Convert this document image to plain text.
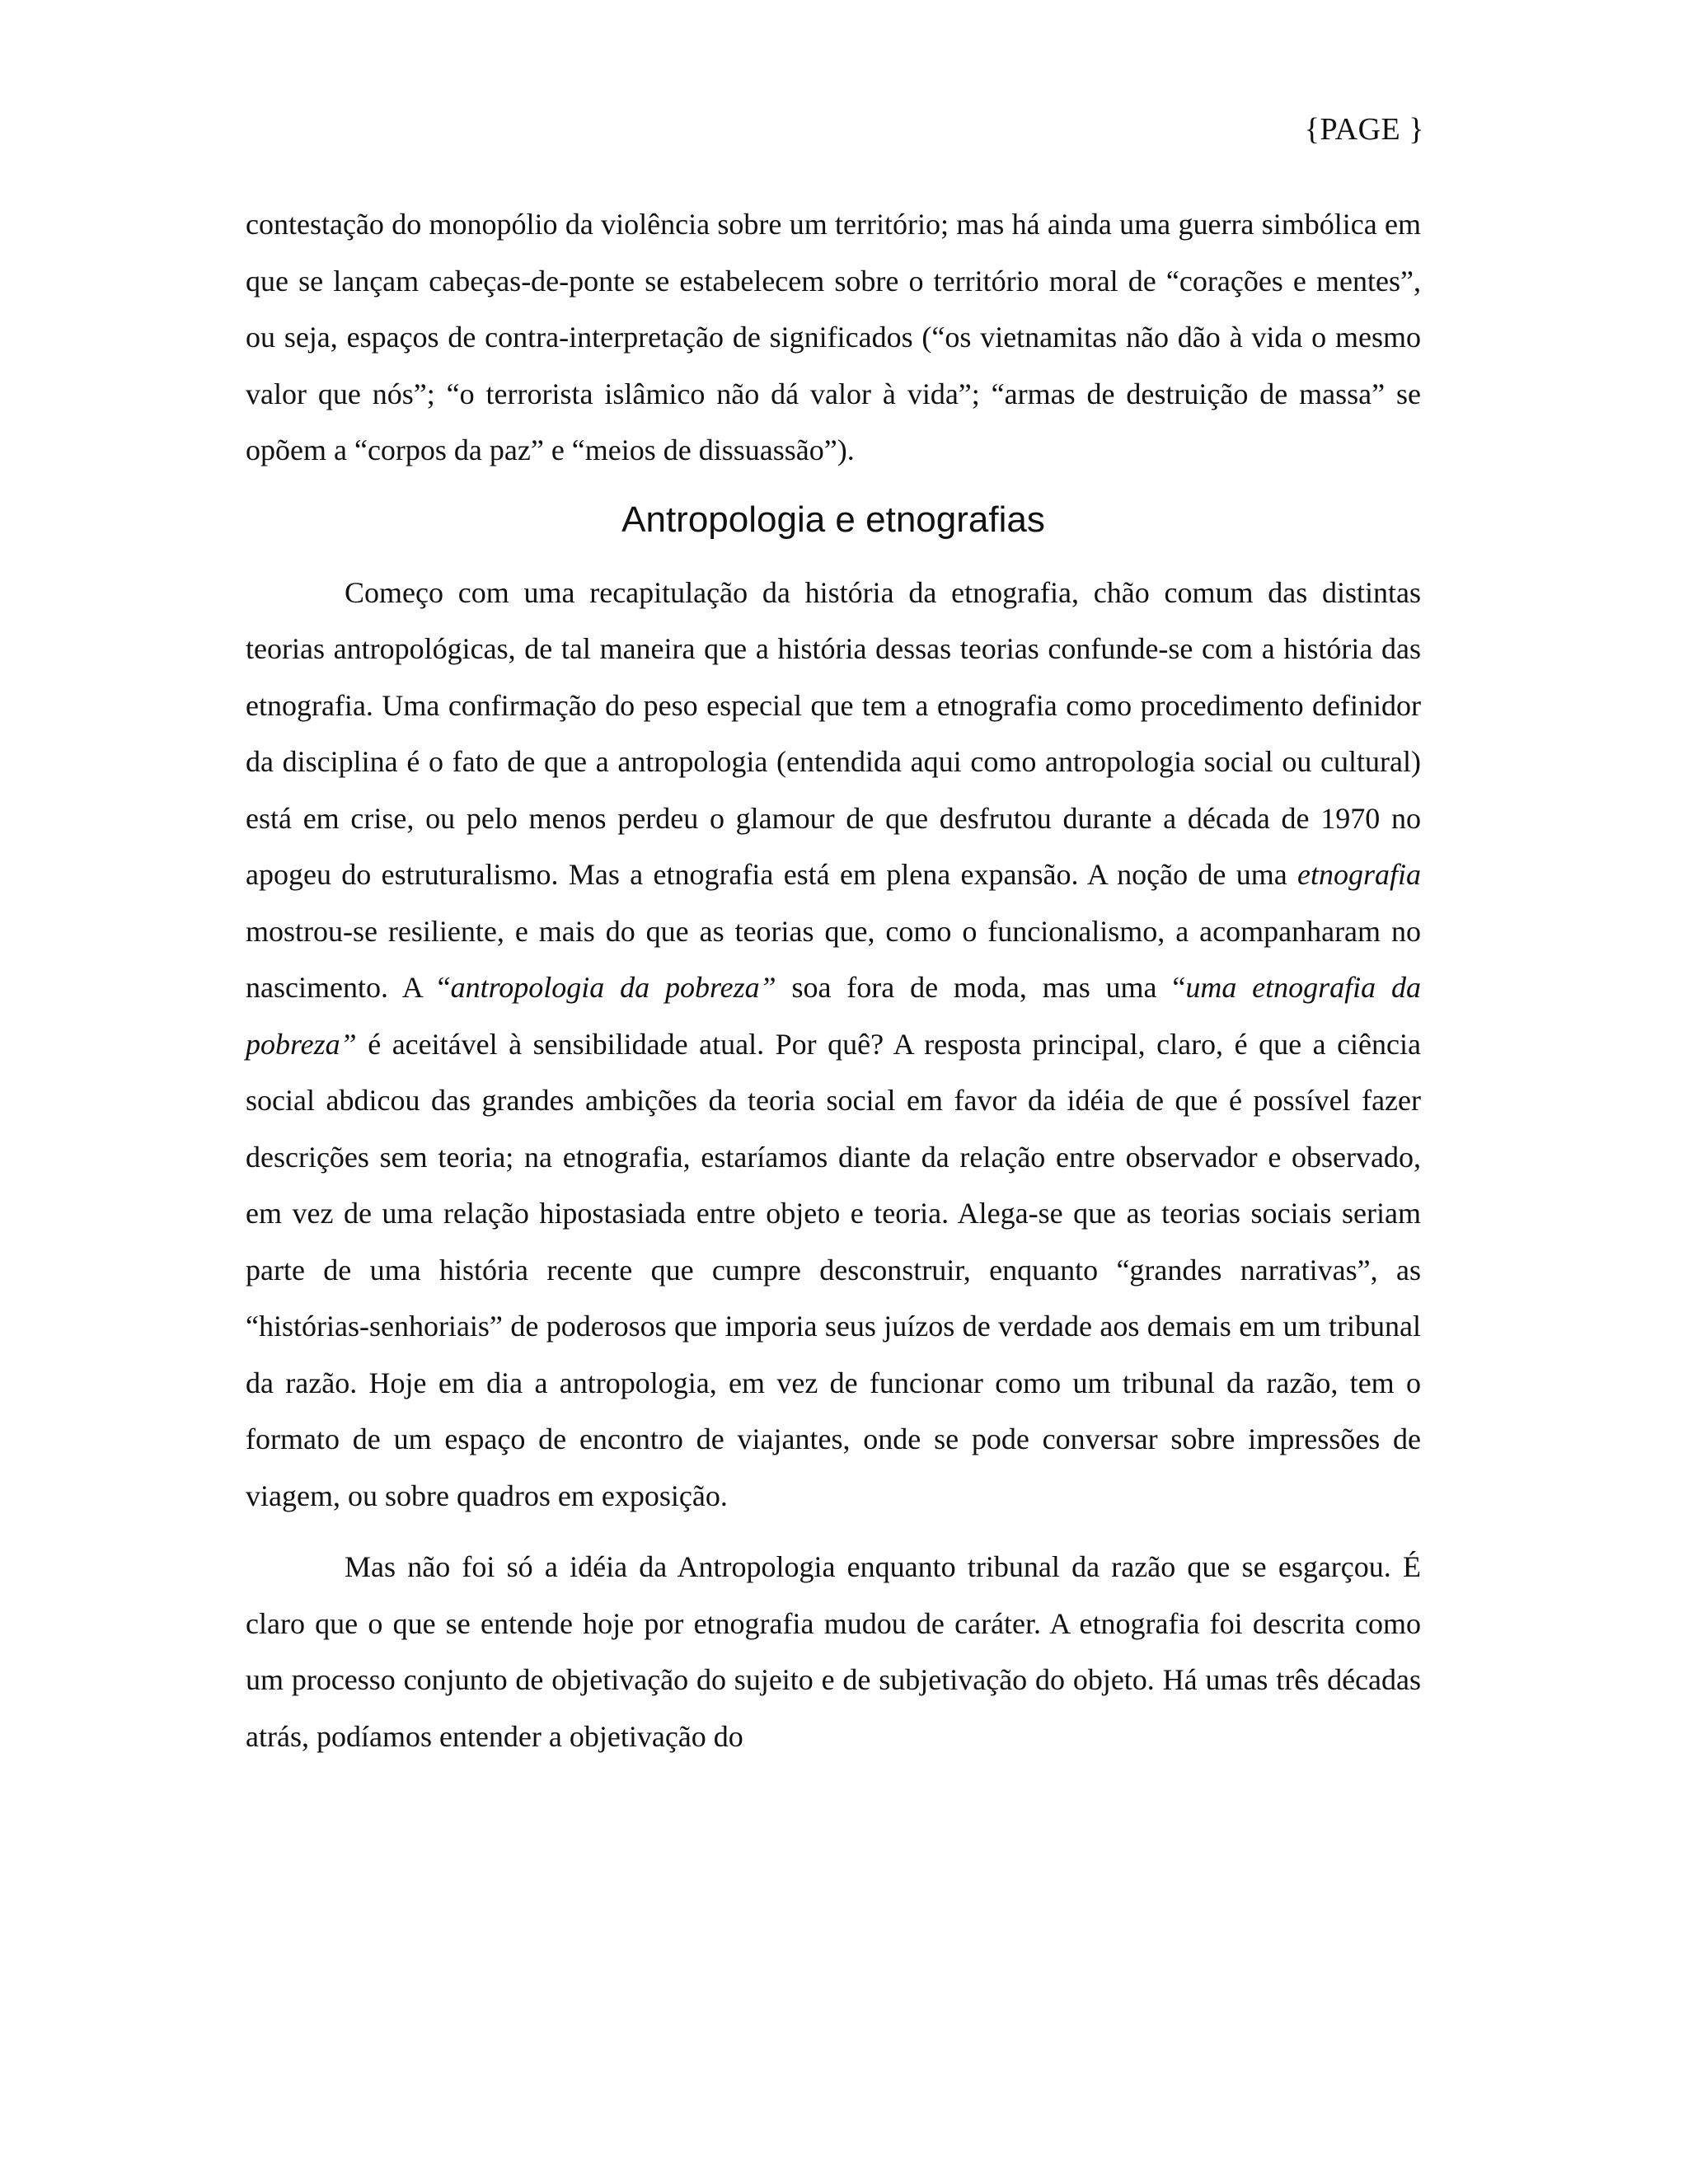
{PAGE }

contestação do monopólio da violência sobre um território; mas há ainda uma guerra simbólica em que se lançam cabeças-de-ponte se estabelecem sobre o território moral de “corações e mentes”, ou seja, espaços de contra-interpretação de significados (“os vietnamitas não dão à vida o mesmo valor que nós”; “o terrorista islâmico não dá valor à vida”; “armas de destruição de massa” se opõem a “corpos da paz” e “meios de dissuassão”).

Antropologia e etnografias

Começo com uma recapitulação da história da etnografia, chão comum das distintas teorias antropológicas, de tal maneira que a história dessas teorias confunde-se com a história das etnografia. Uma confirmação do peso especial que tem a etnografia como procedimento definidor da disciplina é o fato de que a antropologia (entendida aqui como antropologia social ou cultural) está em crise, ou pelo menos perdeu o glamour de que desfrutou durante a década de 1970 no apogeu do estruturalismo. Mas a etnografia está em plena expansão. A noção de uma etnografia mostrou-se resiliente, e mais do que as teorias que, como o funcionalismo, a acompanharam no nascimento. A “antropologia da pobreza” soa fora de moda, mas uma “uma etnografia da pobreza” é aceitável à sensibilidade atual. Por quê? A resposta principal, claro, é que a ciência social abdicou das grandes ambições da teoria social em favor da idéia de que é possível fazer descrições sem teoria; na etnografia, estaríamos diante da relação entre observador e observado, em vez de uma relação hipostasiada entre objeto e teoria. Alega-se que as teorias sociais seriam parte de uma história recente que cumpre desconstruir, enquanto “grandes narrativas”, as “histórias-senhoriais” de poderosos que imporia seus juízos de verdade aos demais em um tribunal da razão. Hoje em dia a antropologia, em vez de funcionar como um tribunal da razão, tem o formato de um espaço de encontro de viajantes, onde se pode conversar sobre impressões de viagem, ou sobre quadros em exposição.

Mas não foi só a idéia da Antropologia enquanto tribunal da razão que se esgarçou. É claro que o que se entende hoje por etnografia mudou de caráter. A etnografia foi descrita como um processo conjunto de objetivação do sujeito e de subjetivação do objeto. Há umas três décadas atrás, podíamos entender a objetivação do
